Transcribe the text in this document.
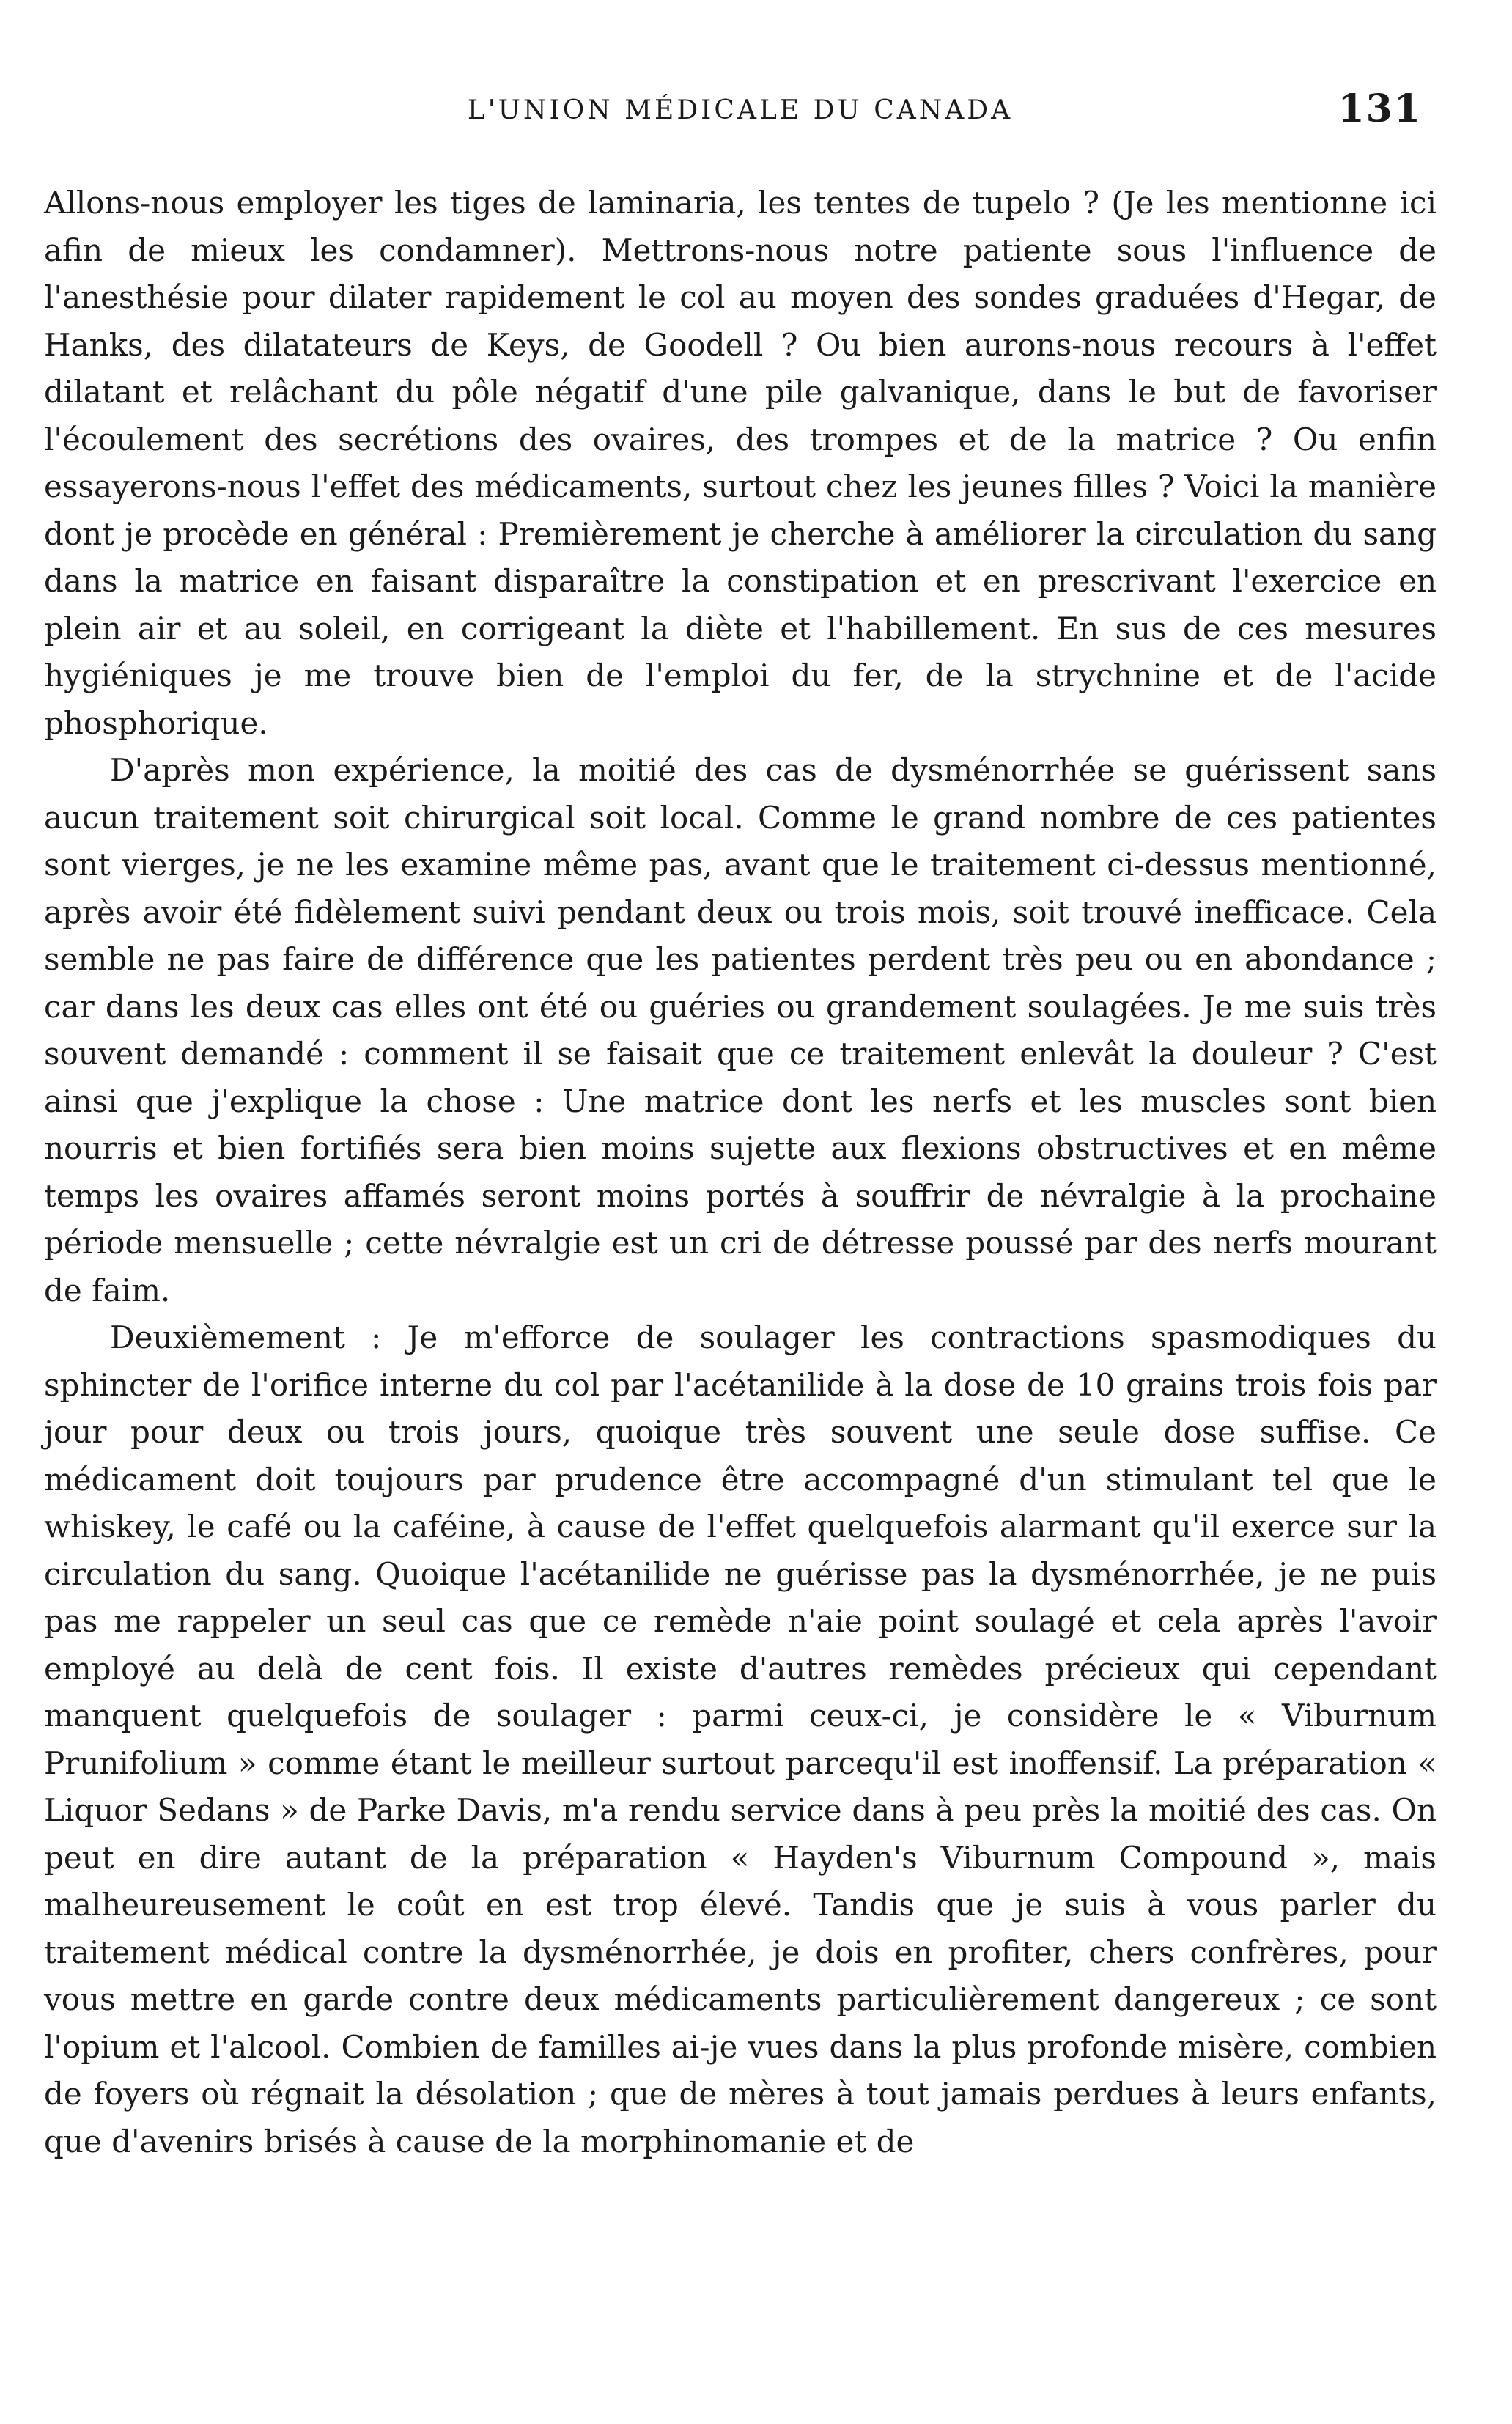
L'UNION MÉDICALE DU CANADA	131

Allons-nous employer les tiges de laminaria, les tentes de tupelo ? (Je les mentionne ici afin de mieux les condamner). Mettrons-nous notre patiente sous l'influence de l'anesthésie pour dilater rapidement le col au moyen des sondes graduées d'Hegar, de Hanks, des dilatateurs de Keys, de Goodell ? Ou bien aurons-nous recours à l'effet dilatant et relâchant du pôle négatif d'une pile galvanique, dans le but de favoriser l'écoulement des secrétions des ovaires, des trompes et de la matrice ? Ou enfin essayerons-nous l'effet des médicaments, surtout chez les jeunes filles ? Voici la manière dont je procède en général : Premièrement je cherche à améliorer la circulation du sang dans la matrice en faisant disparaître la constipation et en prescrivant l'exercice en plein air et au soleil, en corrigeant la diète et l'habillement. En sus de ces mesures hygiéniques je me trouve bien de l'emploi du fer, de la strychnine et de l'acide phosphorique.

D'après mon expérience, la moitié des cas de dysménorrhée se guérissent sans aucun traitement soit chirurgical soit local. Comme le grand nombre de ces patientes sont vierges, je ne les examine même pas, avant que le traitement ci-dessus mentionné, après avoir été fidèlement suivi pendant deux ou trois mois, soit trouvé inefficace. Cela semble ne pas faire de différence que les patientes perdent très peu ou en abondance ; car dans les deux cas elles ont été ou guéries ou grandement soulagées. Je me suis très souvent demandé : comment il se faisait que ce traitement enlevât la douleur ? C'est ainsi que j'explique la chose : Une matrice dont les nerfs et les muscles sont bien nourris et bien fortifiés sera bien moins sujette aux flexions obstructives et en même temps les ovaires affamés seront moins portés à souffrir de névralgie à la prochaine période mensuelle ; cette névralgie est un cri de détresse poussé par des nerfs mourant de faim.

Deuxièmement : Je m'efforce de soulager les contractions spasmodiques du sphincter de l'orifice interne du col par l'acétanilide à la dose de 10 grains trois fois par jour pour deux ou trois jours, quoique très souvent une seule dose suffise. Ce médicament doit toujours par prudence être accompagné d'un stimulant tel que le whiskey, le café ou la caféine, à cause de l'effet quelquefois alarmant qu'il exerce sur la circulation du sang. Quoique l'acétanilide ne guérisse pas la dysménorrhée, je ne puis pas me rappeler un seul cas que ce remède n'aie point soulagé et cela après l'avoir employé au delà de cent fois. Il existe d'autres remèdes précieux qui cependant manquent quelquefois de soulager : parmi ceux-ci, je considère le « Viburnum Prunifolium » comme étant le meilleur surtout parcequ'il est inoffensif. La préparation « Liquor Sedans » de Parke Davis, m'a rendu service dans à peu près la moitié des cas. On peut en dire autant de la préparation « Hayden's Viburnum Compound », mais malheureusement le coût en est trop élevé. Tandis que je suis à vous parler du traitement médical contre la dysménorrhée, je dois en profiter, chers confrères, pour vous mettre en garde contre deux médicaments particulièrement dangereux ; ce sont l'opium et l'alcool. Combien de familles ai-je vues dans la plus profonde misère, combien de foyers où régnait la désolation ; que de mères à tout jamais perdues à leurs enfants, que d'avenirs brisés à cause de la morphinomanie et de
